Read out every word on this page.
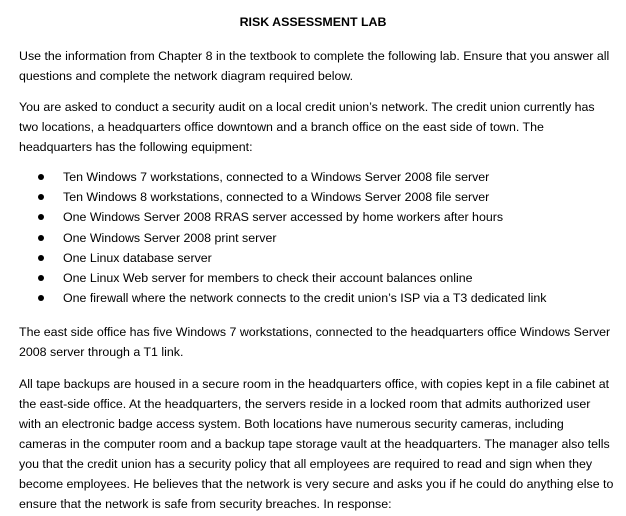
RISK ASSESSMENT LAB

Use the information from Chapter 8 in the textbook to complete the following lab. Ensure that you answer all questions and complete the network diagram required below.

You are asked to conduct a security audit on a local credit union’s network. The credit union currently has two locations, a headquarters office downtown and a branch office on the east side of town. The headquarters has the following equipment:

Ten Windows 7 workstations, connected to a Windows Server 2008 file server
Ten Windows 8 workstations, connected to a Windows Server 2008 file server
One Windows Server 2008 RRAS server accessed by home workers after hours
One Windows Server 2008 print server
One Linux database server
One Linux Web server for members to check their account balances online
One firewall where the network connects to the credit union’s ISP via a T3 dedicated link

The east side office has five Windows 7 workstations, connected to the headquarters office Windows Server 2008 server through a T1 link.

All tape backups are housed in a secure room in the headquarters office, with copies kept in a file cabinet at the east-side office. At the headquarters, the servers reside in a locked room that admits authorized user with an electronic badge access system. Both locations have numerous security cameras, including cameras in the computer room and a backup tape storage vault at the headquarters. The manager also tells you that the credit union has a security policy that all employees are required to read and sign when they become employees. He believes that the network is very secure and asks you if he could do anything else to ensure that the network is safe from security breaches. In response:
